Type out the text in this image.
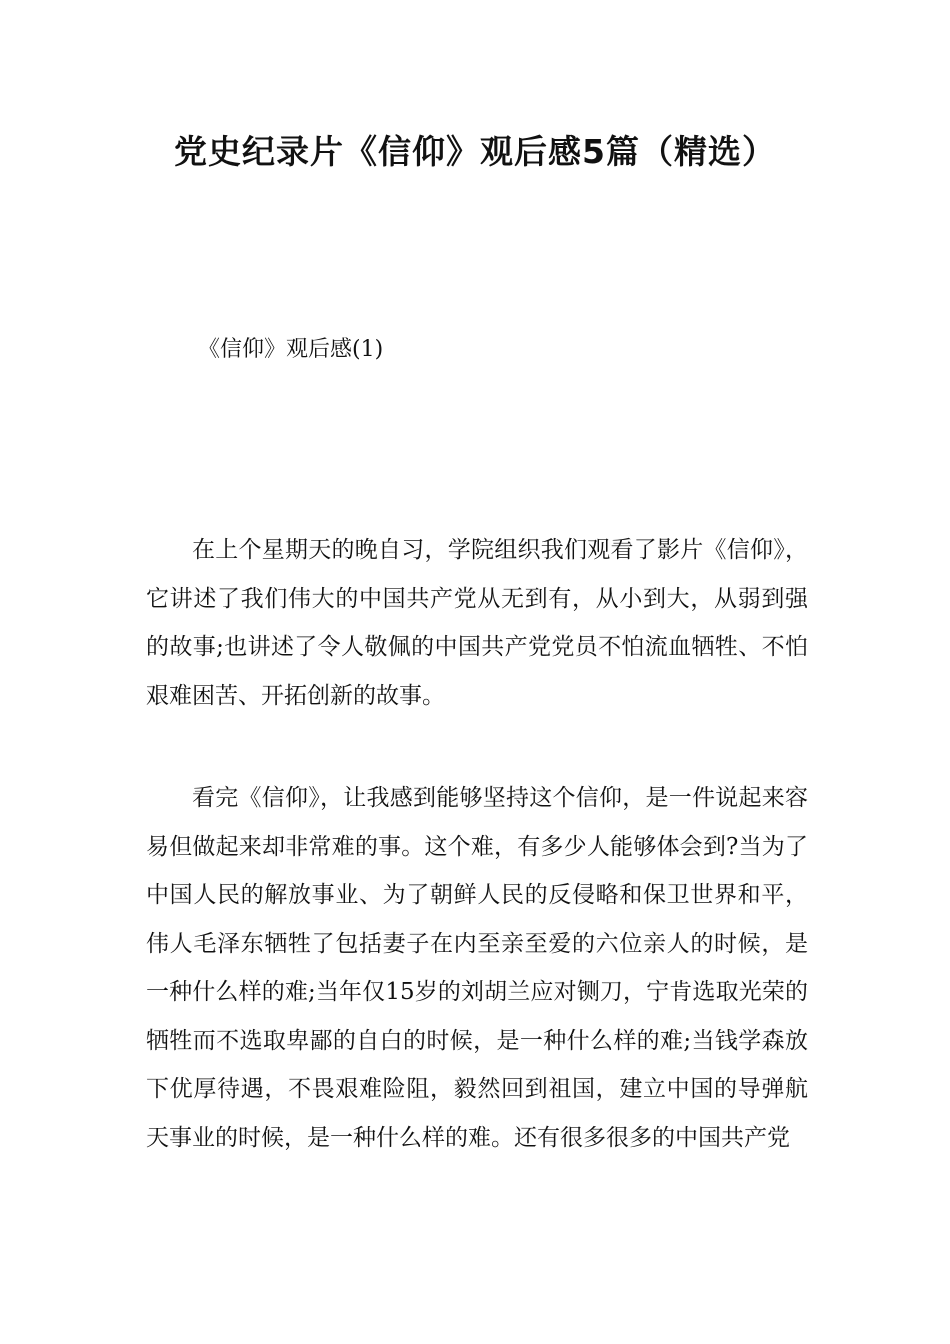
党史纪录片《信仰》观后感5篇（精选）
《信仰》观后感(1)

在上个星期天的晚自习，学院组织我们观看了影片《信仰》，它讲述了我们伟大的中国共产党从无到有，从小到大，从弱到强的故事;也讲述了令人敬佩的中国共产党党员不怕流血牺牲、不怕艰难困苦、开拓创新的故事。

看完《信仰》，让我感到能够坚持这个信仰，是一件说起来容易但做起来却非常难的事。这个难，有多少人能够体会到?当为了中国人民的解放事业、为了朝鲜人民的反侵略和保卫世界和平，伟人毛泽东牺牲了包括妻子在内至亲至爱的六位亲人的时候，是一种什么样的难;当年仅15岁的刘胡兰应对铡刀，宁肯选取光荣的牺牲而不选取卑鄙的自白的时候，是一种什么样的难;当钱学森放下优厚待遇，不畏艰难险阻，毅然回到祖国，建立中国的导弹航天事业的时候，是一种什么样的难。还有很多很多的中国共产党
